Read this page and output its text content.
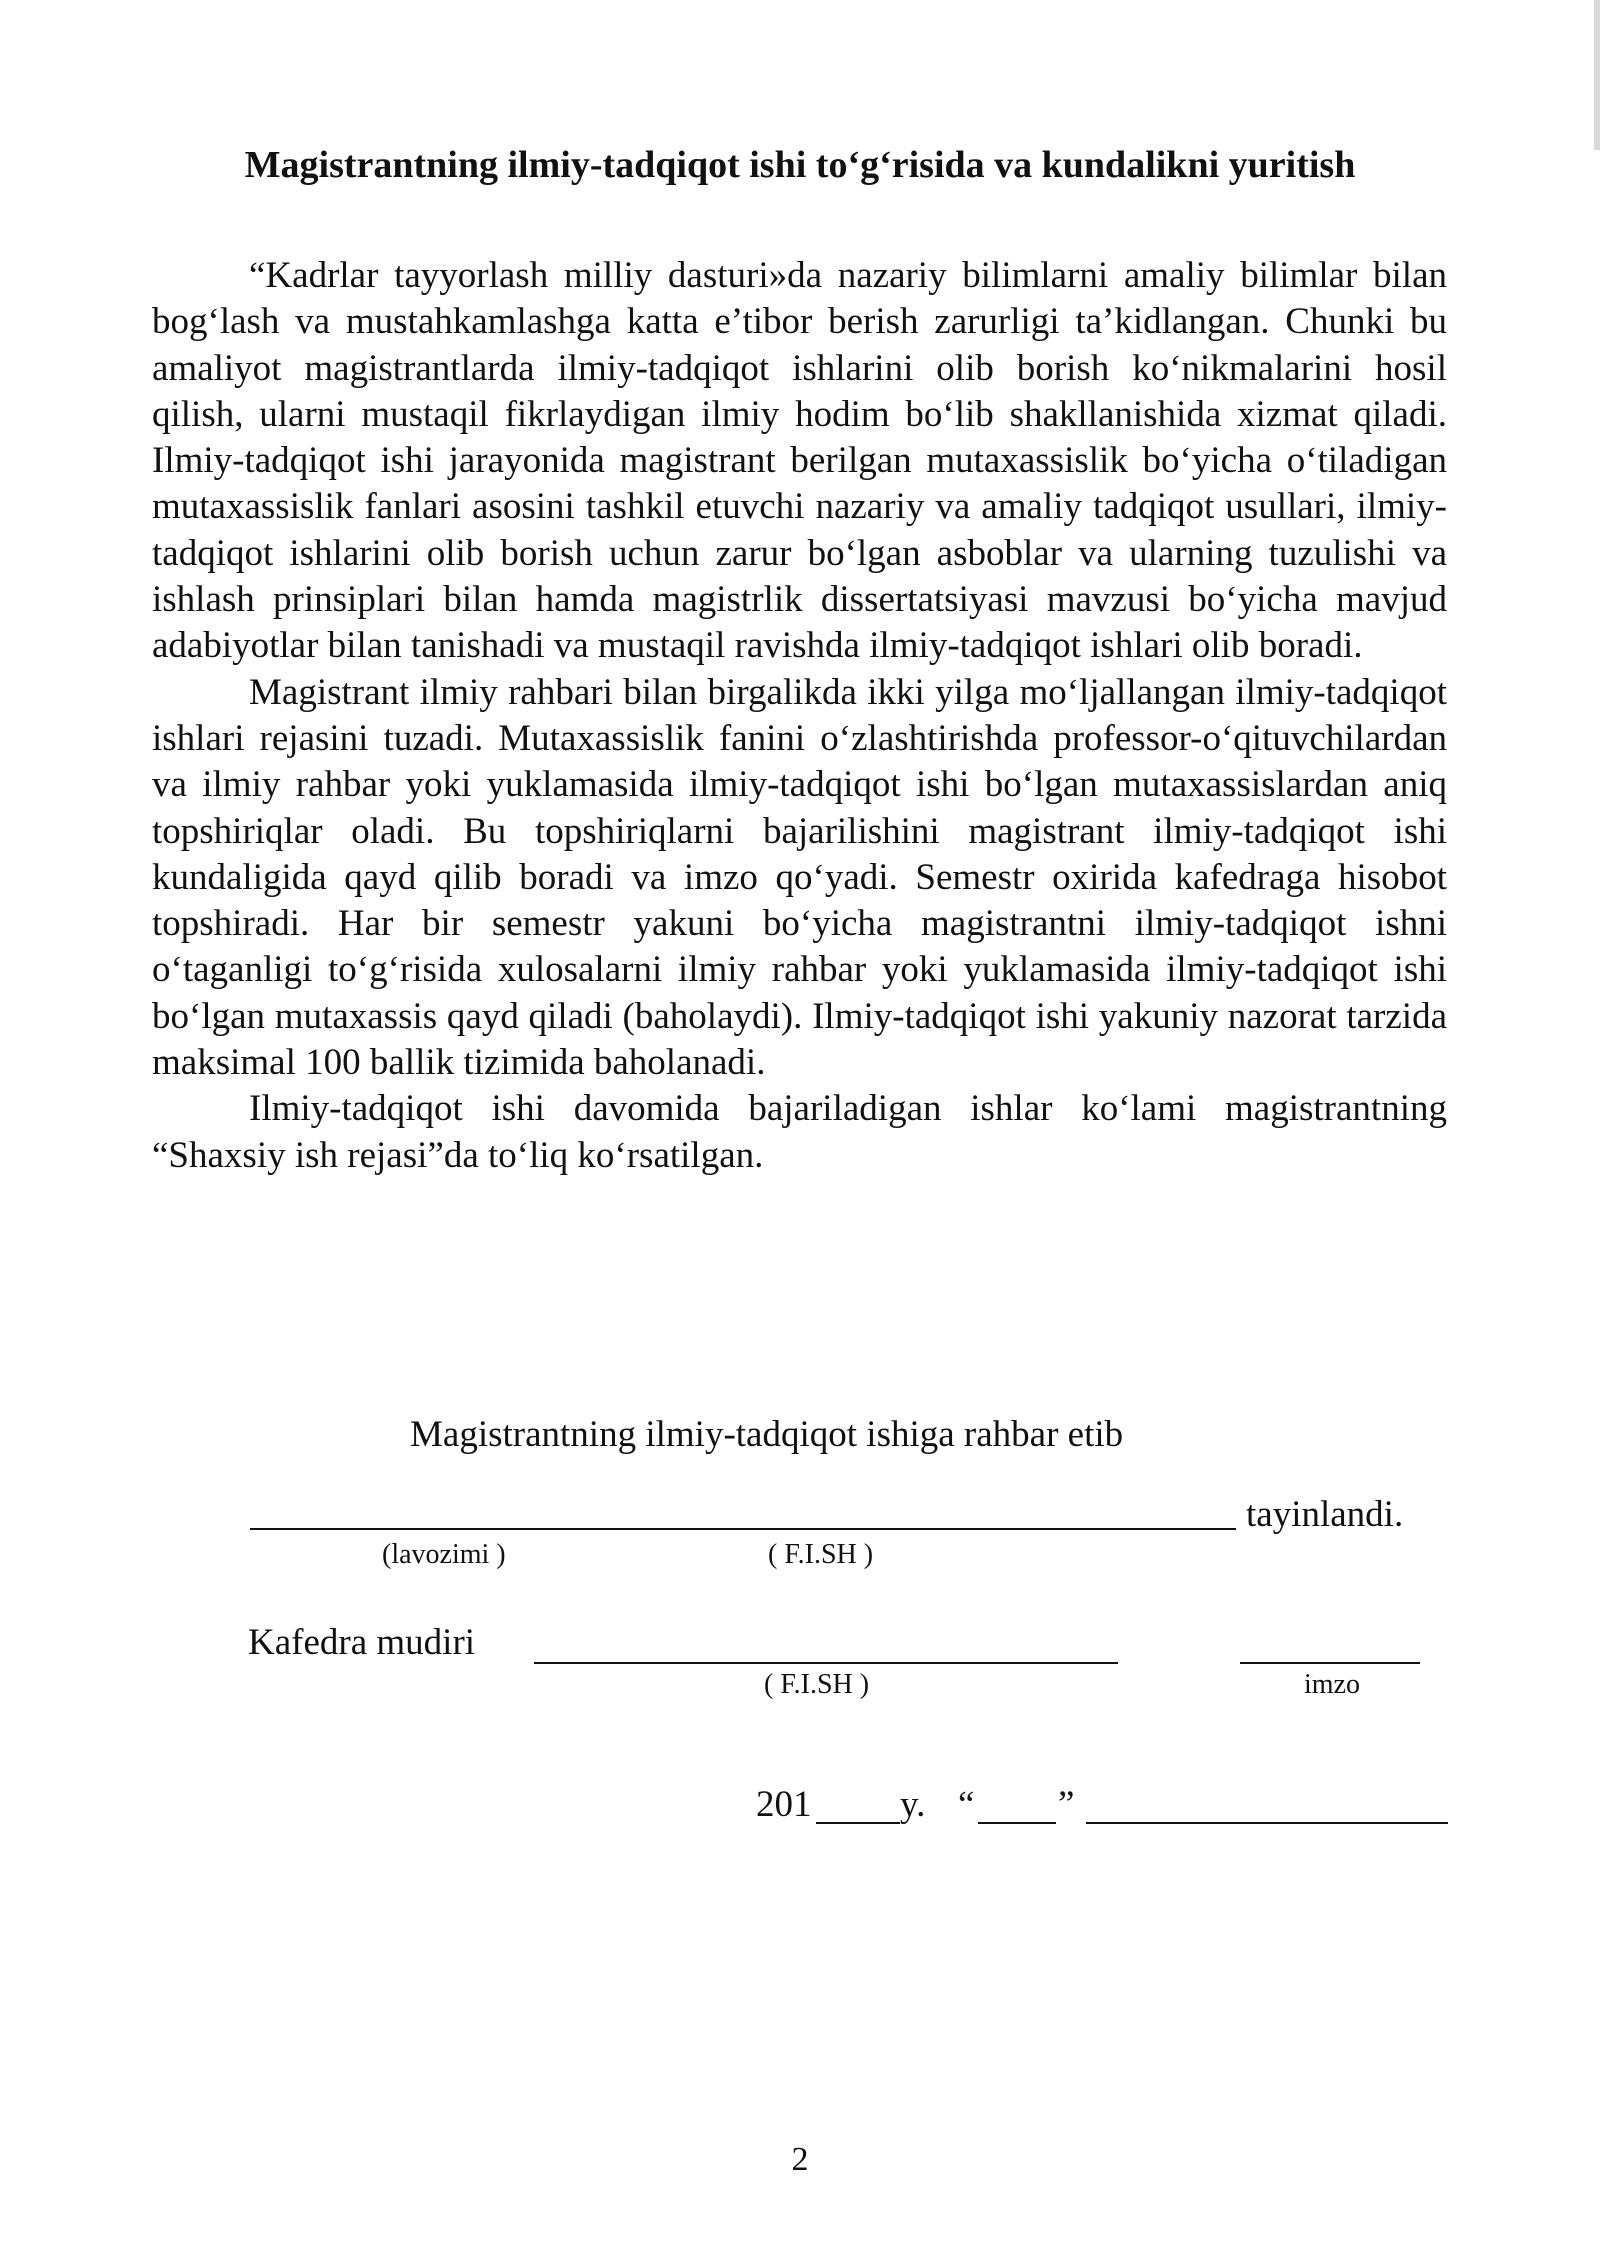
Magistrantning ilmiy-tadqiqot ishi to‘g‘risida va kundalikni yuritish

“Kadrlar tayyorlash milliy dasturi»da nazariy bilimlarni amaliy bilimlar bilan bog‘lash va mustahkamlashga katta e’tibor berish zarurligi ta’kidlangan. Chunki bu amaliyot magistrantlarda ilmiy-tadqiqot ishlarini olib borish ko‘nikmalarini hosil qilish, ularni mustaqil fikrlaydigan ilmiy hodim bo‘lib shakllanishida xizmat qiladi. Ilmiy-tadqiqot ishi jarayonida magistrant berilgan mutaxassislik bo‘yicha o‘tiladigan mutaxassislik fanlari asosini tashkil etuvchi nazariy va amaliy tadqiqot usullari, ilmiy-tadqiqot ishlarini olib borish uchun zarur bo‘lgan asboblar va ularning tuzulishi va ishlash prinsiplari bilan hamda magistrlik dissertatsiyasi mavzusi bo‘yicha mavjud adabiyotlar bilan tanishadi va mustaqil ravishda ilmiy-tadqiqot ishlari olib boradi.

Magistrant ilmiy rahbari bilan birgalikda ikki yilga mo‘ljallangan ilmiy-tadqiqot ishlari rejasini tuzadi. Mutaxassislik fanini o‘zlashtirishda professor-o‘qituvchilardan va ilmiy rahbar yoki yuklamasida ilmiy-tadqiqot ishi bo‘lgan mutaxassislardan aniq topshiriqlar oladi. Bu topshiriqlarni bajarilishini magistrant ilmiy-tadqiqot ishi kundaligida qayd qilib boradi va imzo qo‘yadi. Semestr oxirida kafedraga hisobot topshiradi. Har bir semestr yakuni bo‘yicha magistrantni ilmiy-tadqiqot ishni o‘taganligi to‘g‘risida xulosalarni ilmiy rahbar yoki yuklamasida ilmiy-tadqiqot ishi bo‘lgan mutaxassis qayd qiladi (baholaydi). Ilmiy-tadqiqot ishi yakuniy nazorat tarzida maksimal 100 ballik tizimida baholanadi.

Ilmiy-tadqiqot ishi davomida bajariladigan ishlar ko‘lami magistrantning “Shaxsiy ish rejasi”da to‘liq ko‘rsatilgan.

Magistrantning ilmiy-tadqiqot ishiga rahbar etib
tayinlandi.
(lavozimi )	( F.I.SH )
Kafedra mudiri
( F.I.SH )	imzo
201 y. “ ”
2
